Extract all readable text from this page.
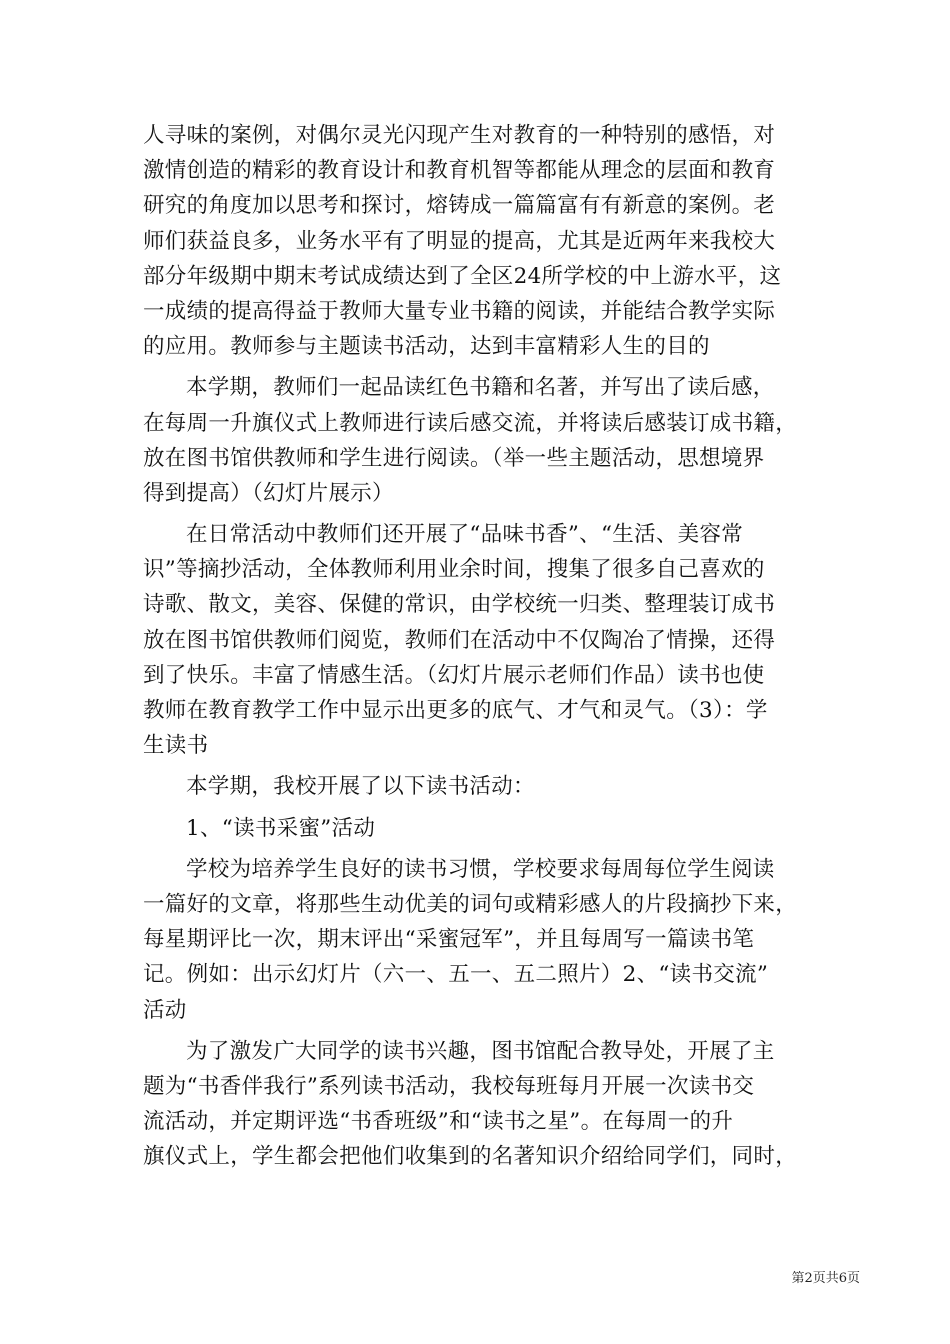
人寻味的案例，对偶尔灵光闪现产生对教育的一种特别的感悟，对
激情创造的精彩的教育设计和教育机智等都能从理念的层面和教育
研究的角度加以思考和探讨，熔铸成一篇篇富有有新意的案例。老
师们获益良多，业务水平有了明显的提高，尤其是近两年来我校大
部分年级期中期末考试成绩达到了全区24所学校的中上游水平，这
一成绩的提高得益于教师大量专业书籍的阅读，并能结合教学实际
的应用。教师参与主题读书活动，达到丰富精彩人生的目的
本学期，教师们一起品读红色书籍和名著，并写出了读后感，
在每周一升旗仪式上教师进行读后感交流，并将读后感装订成书籍，
放在图书馆供教师和学生进行阅读。（举一些主题活动，思想境界
得到提高）（幻灯片展示）
在日常活动中教师们还开展了“品味书香”、“生活、美容常
识”等摘抄活动，全体教师利用业余时间，搜集了很多自己喜欢的
诗歌、散文，美容、保健的常识，由学校统一归类、整理装订成书
放在图书馆供教师们阅览，教师们在活动中不仅陶冶了情操，还得
到了快乐。丰富了情感生活。（幻灯片展示老师们作品）读书也使
教师在教育教学工作中显示出更多的底气、才气和灵气。（3）：学
生读书
本学期，我校开展了以下读书活动：
1、“读书采蜜”活动
学校为培养学生良好的读书习惯，学校要求每周每位学生阅读
一篇好的文章，将那些生动优美的词句或精彩感人的片段摘抄下来，
每星期评比一次，期末评出“采蜜冠军”，并且每周写一篇读书笔
记。例如：出示幻灯片（六一、五一、五二照片）2、“读书交流”
活动
为了激发广大同学的读书兴趣，图书馆配合教导处，开展了主
题为“书香伴我行”系列读书活动，我校每班每月开展一次读书交
流活动，并定期评选“书香班级”和“读书之星”。在每周一的升
旗仪式上，学生都会把他们收集到的名著知识介绍给同学们，同时，
第2页共6页
